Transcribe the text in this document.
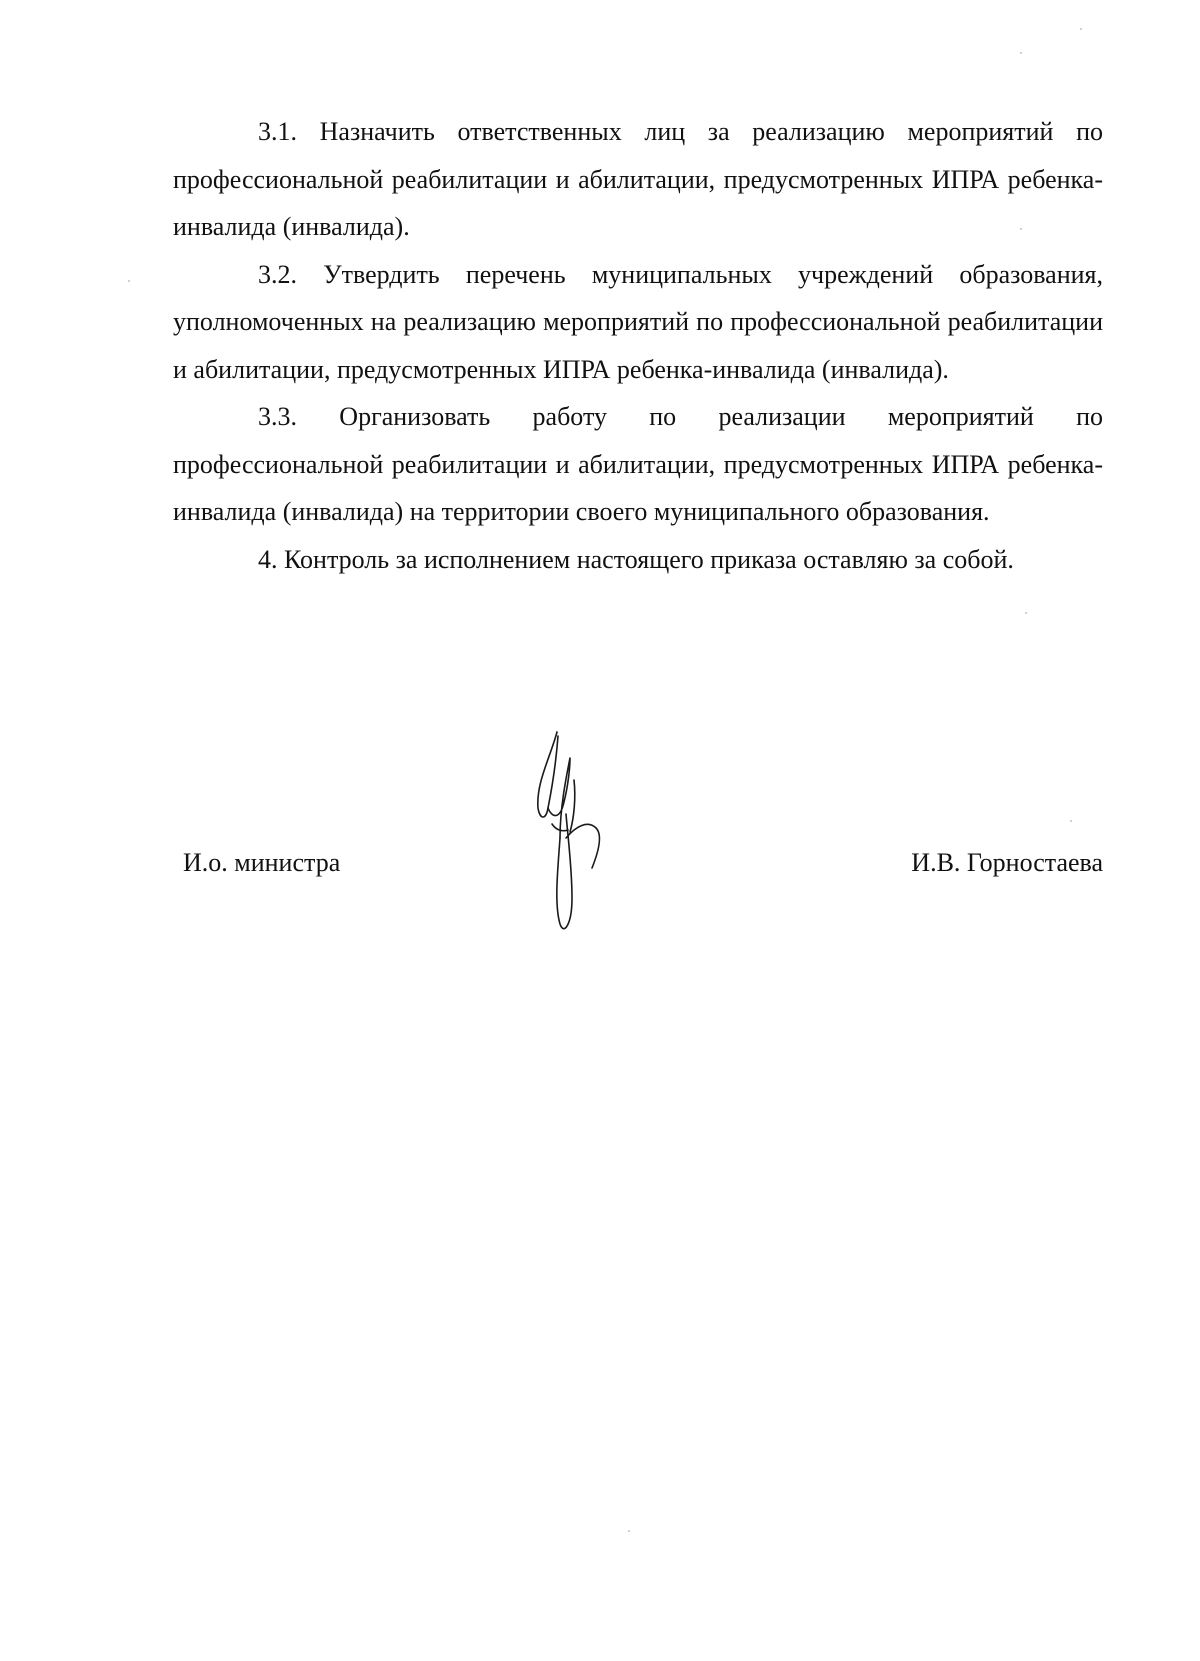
3.1. Назначить ответственных лиц за реализацию мероприятий по профессиональной реабилитации и абилитации, предусмотренных ИПРА ребенка-инвалида (инвалида).

3.2. Утвердить перечень муниципальных учреждений образования, уполномоченных на реализацию мероприятий по профессиональной реабилитации и абилитации, предусмотренных ИПРА ребенка-инвалида (инвалида).

3.3. Организовать работу по реализации мероприятий по профессиональной реабилитации и абилитации, предусмотренных ИПРА ребенка-инвалида (инвалида) на территории своего муниципального образования.

4. Контроль за исполнением настоящего приказа оставляю за собой.

И.о. министра	И.В. Горностаева
